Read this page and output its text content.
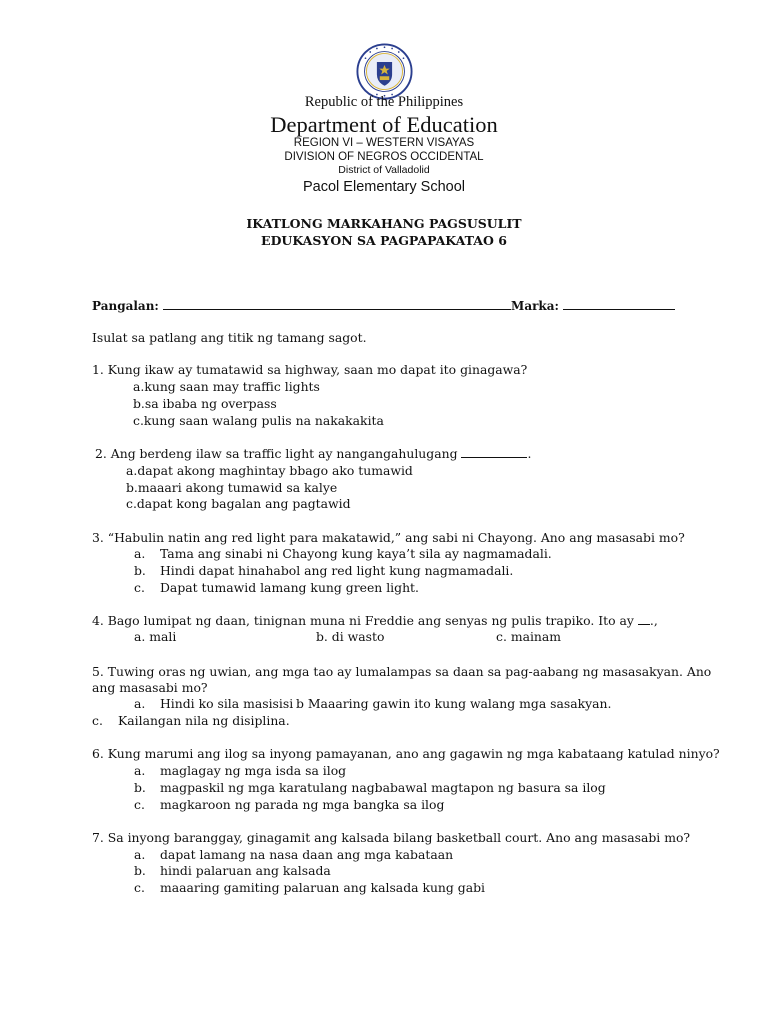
Republic of the Philippines
Department of Education
REGION VI – WESTERN VISAYAS
DIVISION OF NEGROS OCCIDENTAL
District of Valladolid
Pacol Elementary School
IKATLONG MARKAHANG PAGSUSULIT
EDUKASYON SA PAGPAPAKATAO 6
Pangalan:	Marka:
Isulat sa patlang ang titik ng tamang sagot.
1. Kung ikaw ay tumatawid sa highway, saan mo dapat ito ginagawa?
a.kung saan may traffic lights
b.sa ibaba ng overpass
c.kung saan walang pulis na nakakakita
2. Ang berdeng ilaw sa traffic light ay nangangahulugang	.
a.dapat akong maghintay bbago ako tumawid
b.maaari akong tumawid sa kalye
c.dapat kong bagalan ang pagtawid
3. “Habulin natin ang red light para makatawid,” ang sabi ni Chayong. Ano ang masasabi mo?
a. Tama ang sinabi ni Chayong kung kaya’t sila ay nagmamadali.
b. Hindi dapat hinahabol ang red light kung nagmamadali.
c. Dapat tumawid lamang kung green light.
4. Bago lumipat ng daan, tinignan muna ni Freddie ang senyas ng pulis trapiko. Ito ay .,
a. mali	b. di wasto	c. mainam
5. Tuwing oras ng uwian, ang mga tao ay lumalampas sa daan sa pag-aabang ng masasakyan. Ano
ang masasabi mo?
a. Hindi ko sila masisisi b Maaaring gawin ito kung walang mga sasakyan.
c. Kailangan nila ng disiplina.
6. Kung marumi ang ilog sa inyong pamayanan, ano ang gagawin ng mga kabataang katulad ninyo?
a. maglagay ng mga isda sa ilog
b. magpaskil ng mga karatulang nagbabawal magtapon ng basura sa ilog
c. magkaroon ng parada ng mga bangka sa ilog
7. Sa inyong baranggay, ginagamit ang kalsada bilang basketball court. Ano ang masasabi mo?
a. dapat lamang na nasa daan ang mga kabataan
b. hindi palaruan ang kalsada
c. maaaring gamiting palaruan ang kalsada kung gabi
